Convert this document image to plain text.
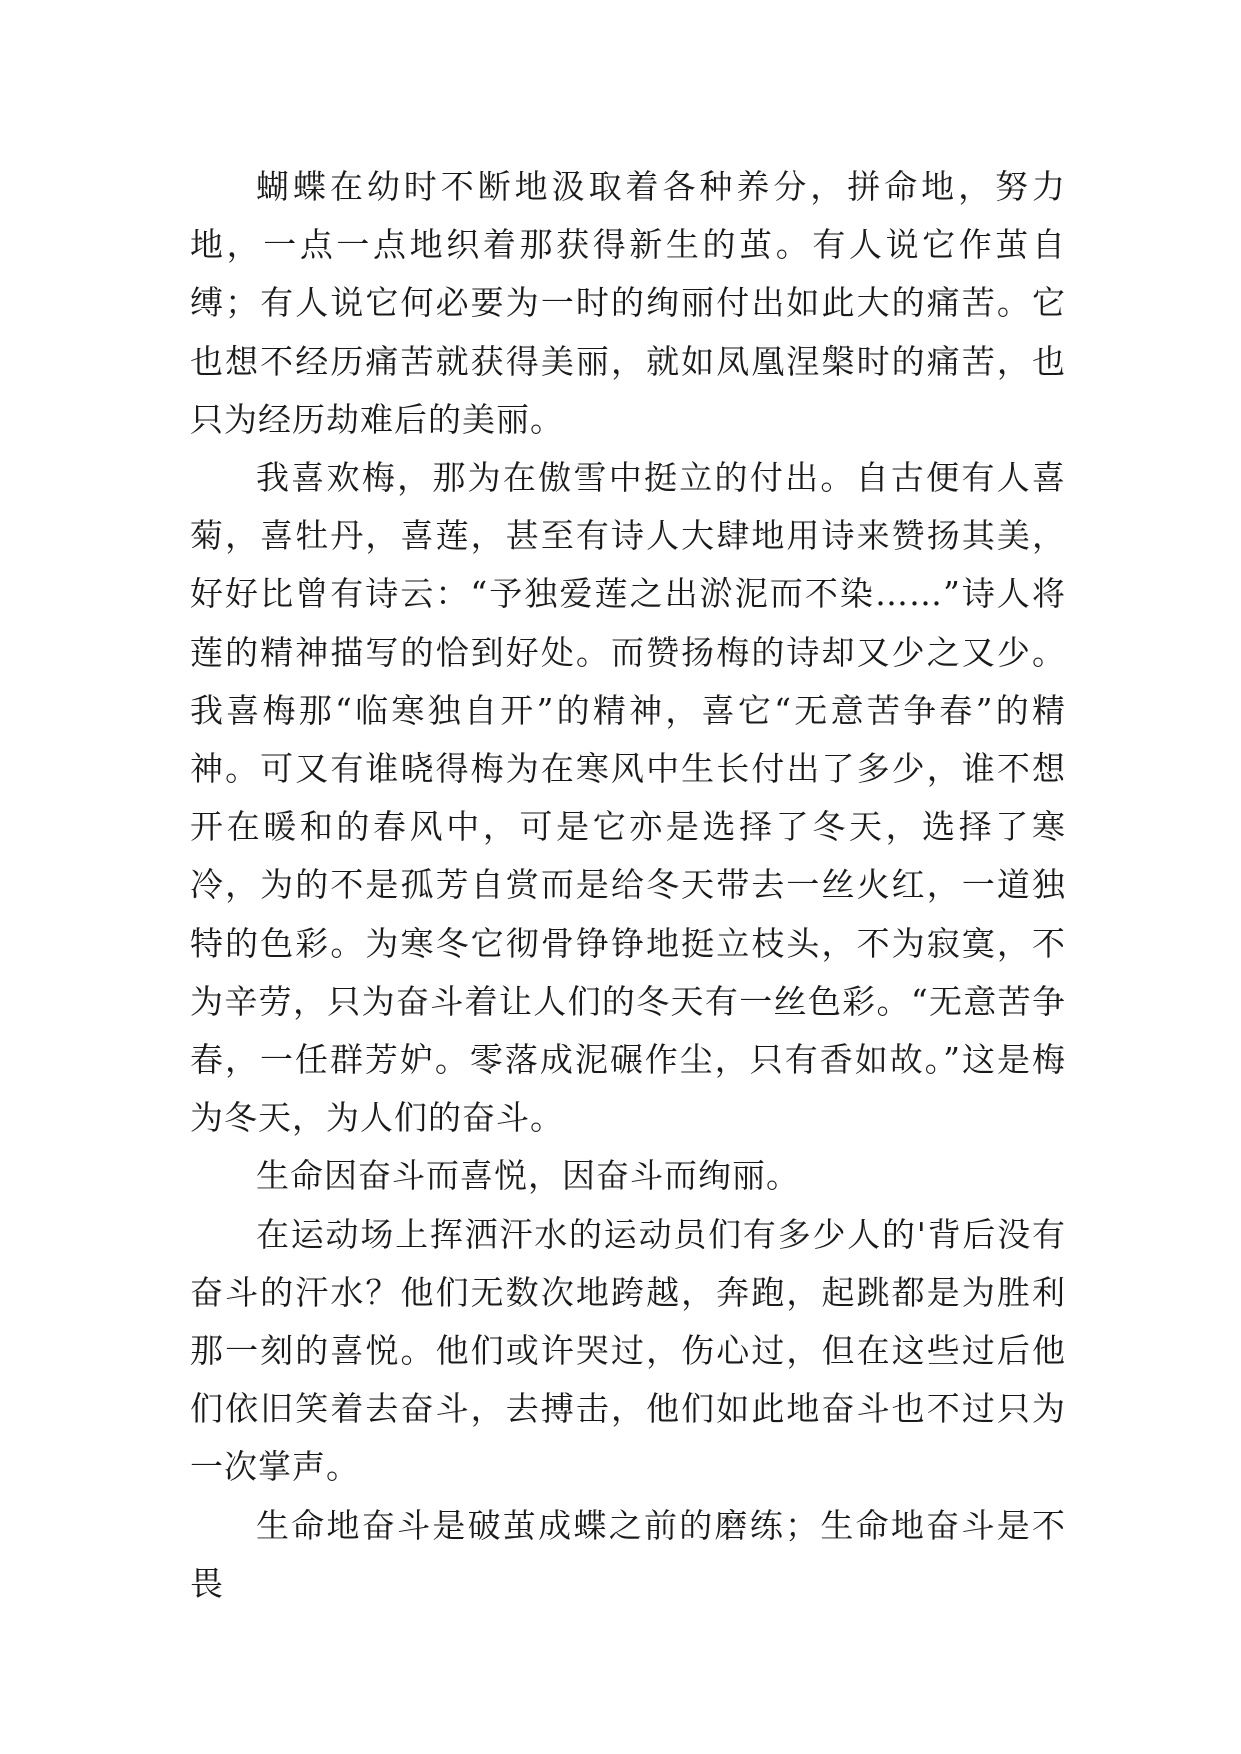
蝴蝶在幼时不断地汲取着各种养分，拼命地，努力地，一点一点地织着那获得新生的茧。有人说它作茧自缚；有人说它何必要为一时的绚丽付出如此大的痛苦。它也想不经历痛苦就获得美丽，就如凤凰涅槃时的痛苦，也只为经历劫难后的美丽。

我喜欢梅，那为在傲雪中挺立的付出。自古便有人喜菊，喜牡丹，喜莲，甚至有诗人大肆地用诗来赞扬其美，好好比曾有诗云：“予独爱莲之出淤泥而不染……”诗人将莲的精神描写的恰到好处。而赞扬梅的诗却又少之又少。我喜梅那“临寒独自开”的精神，喜它“无意苦争春”的精神。可又有谁晓得梅为在寒风中生长付出了多少，谁不想开在暖和的春风中，可是它亦是选择了冬天，选择了寒冷，为的不是孤芳自赏而是给冬天带去一丝火红，一道独特的色彩。为寒冬它彻骨铮铮地挺立枝头，不为寂寞，不为辛劳，只为奋斗着让人们的冬天有一丝色彩。“无意苦争春，一任群芳妒。零落成泥碾作尘，只有香如故。”这是梅为冬天，为人们的奋斗。

生命因奋斗而喜悦，因奋斗而绚丽。

在运动场上挥洒汗水的运动员们有多少人的'背后没有奋斗的汗水？他们无数次地跨越，奔跑，起跳都是为胜利那一刻的喜悦。他们或许哭过，伤心过，但在这些过后他们依旧笑着去奋斗，去搏击，他们如此地奋斗也不过只为一次掌声。

生命地奋斗是破茧成蝶之前的磨练；生命地奋斗是不畏
